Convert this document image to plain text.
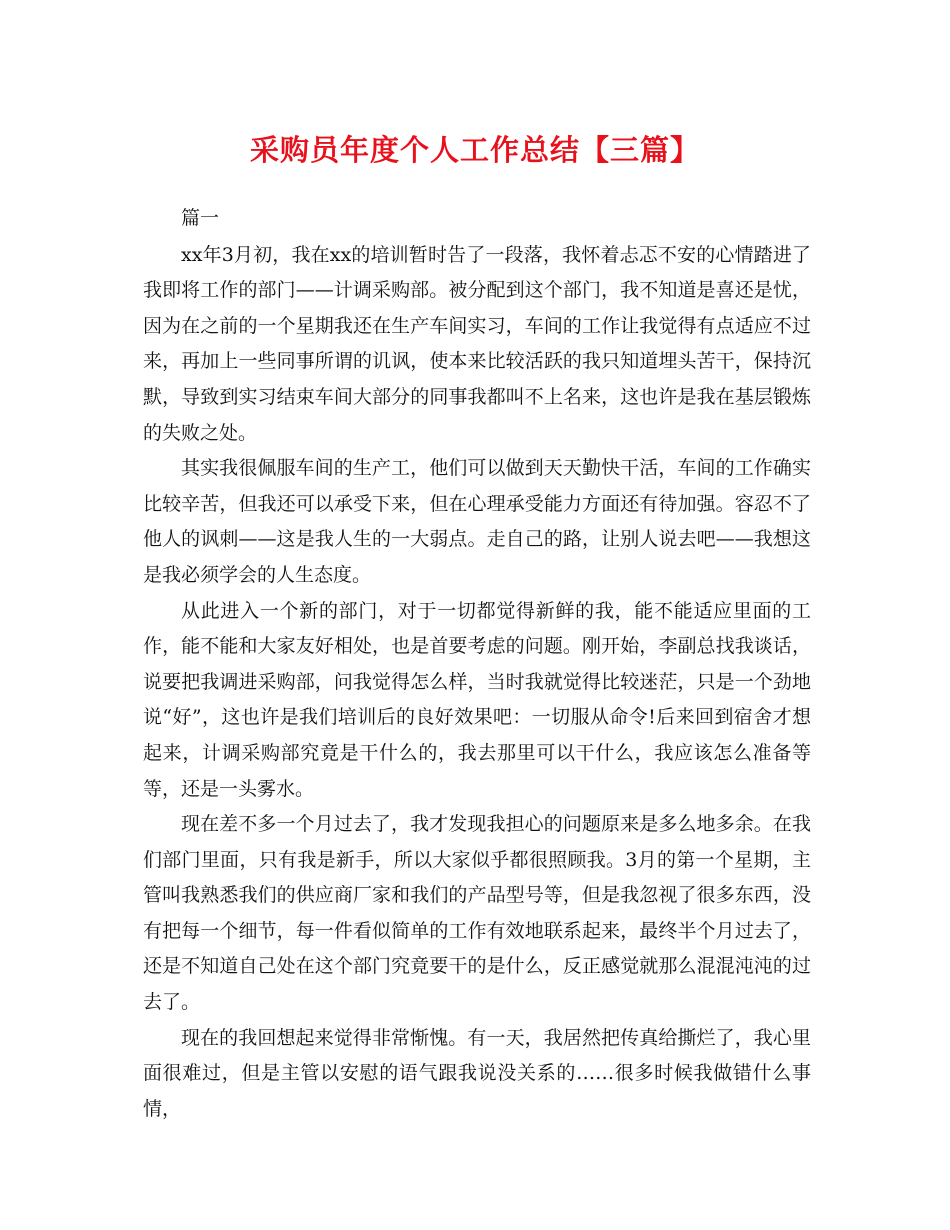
采购员年度个人工作总结【三篇】

篇一

xx年3月初，我在xx的培训暂时告了一段落，我怀着忐忑不安的心情踏进了我即将工作的部门——计调采购部。被分配到这个部门，我不知道是喜还是忧，因为在之前的一个星期我还在生产车间实习，车间的工作让我觉得有点适应不过来，再加上一些同事所谓的讥讽，使本来比较活跃的我只知道埋头苦干，保持沉默，导致到实习结束车间大部分的同事我都叫不上名来，这也许是我在基层锻炼的失败之处。

其实我很佩服车间的生产工，他们可以做到天天勤快干活，车间的工作确实比较辛苦，但我还可以承受下来，但在心理承受能力方面还有待加强。容忍不了他人的讽刺——这是我人生的一大弱点。走自己的路，让别人说去吧——我想这是我必须学会的人生态度。

从此进入一个新的部门，对于一切都觉得新鲜的我，能不能适应里面的工作，能不能和大家友好相处，也是首要考虑的问题。刚开始，李副总找我谈话，说要把我调进采购部，问我觉得怎么样，当时我就觉得比较迷茫，只是一个劲地说“好”，这也许是我们培训后的良好效果吧：一切服从命令!后来回到宿舍才想起来，计调采购部究竟是干什么的，我去那里可以干什么，我应该怎么准备等等，还是一头雾水。

现在差不多一个月过去了，我才发现我担心的问题原来是多么地多余。在我们部门里面，只有我是新手，所以大家似乎都很照顾我。3月的第一个星期，主管叫我熟悉我们的供应商厂家和我们的产品型号等，但是我忽视了很多东西，没有把每一个细节，每一件看似简单的工作有效地联系起来，最终半个月过去了，还是不知道自己处在这个部门究竟要干的是什么，反正感觉就那么混混沌沌的过去了。

现在的我回想起来觉得非常惭愧。有一天，我居然把传真给撕烂了，我心里面很难过，但是主管以安慰的语气跟我说没关系的……很多时候我做错什么事情，
